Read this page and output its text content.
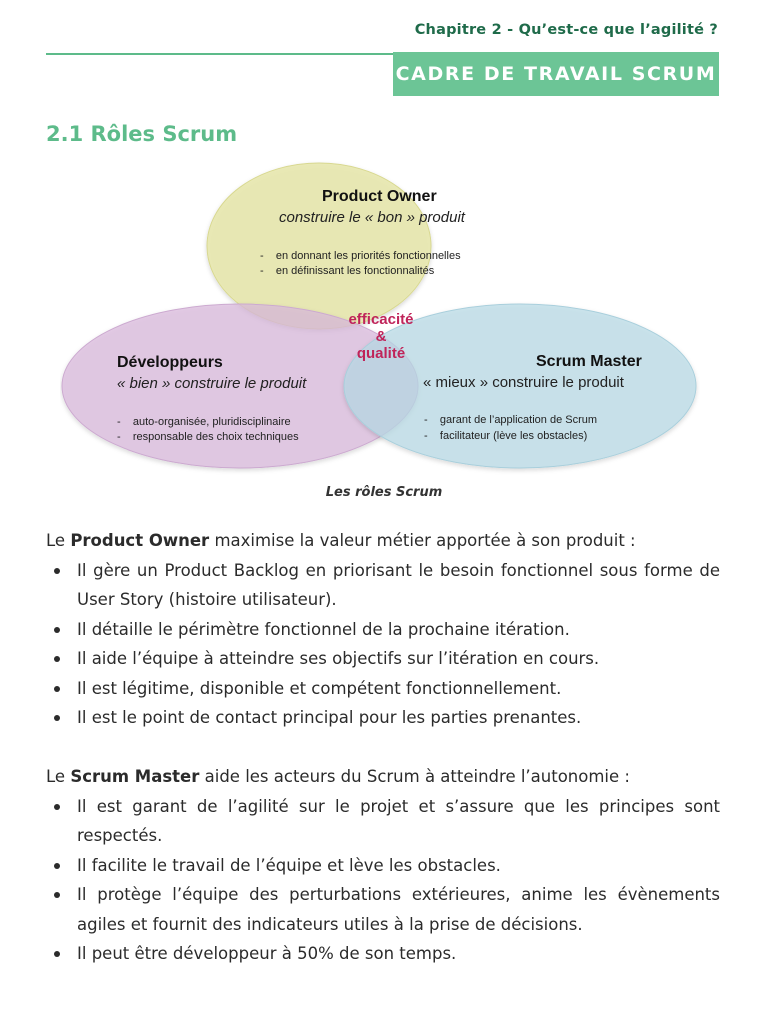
Chapitre 2 - Qu’est-ce que l’agilité ?
CADRE DE TRAVAIL SCRUM
2.1 Rôles Scrum
Product Owner
construire le « bon » produit
-    en donnant les priorités fonctionnelles
-    en définissant les fonctionnalités
efficacité
&
qualité
Développeurs
« bien » construire le produit
-    auto-organisée, pluridisciplinaire
-    responsable des choix techniques
Scrum Master
« mieux » construire le produit
-    garant de l’application de Scrum
-    facilitateur (lève les obstacles)
Les rôles Scrum

Le Product Owner maximise la valeur métier apportée à son produit :

Il gère un Product Backlog en priorisant le besoin fonctionnel sous forme de User Story (histoire utilisateur).
Il détaille le périmètre fonctionnel de la prochaine itération.
Il aide l’équipe à atteindre ses objectifs sur l’itération en cours.
Il est légitime, disponible et compétent fonctionnellement.
Il est le point de contact principal pour les parties prenantes.

Le Scrum Master aide les acteurs du Scrum à atteindre l’autonomie :

Il est garant de l’agilité sur le projet et s’assure que les principes sont respectés.
Il facilite le travail de l’équipe et lève les obstacles.
Il protège l’équipe des perturbations extérieures, anime les évènements agiles et fournit des indicateurs utiles à la prise de décisions.
Il peut être développeur à 50% de son temps.
